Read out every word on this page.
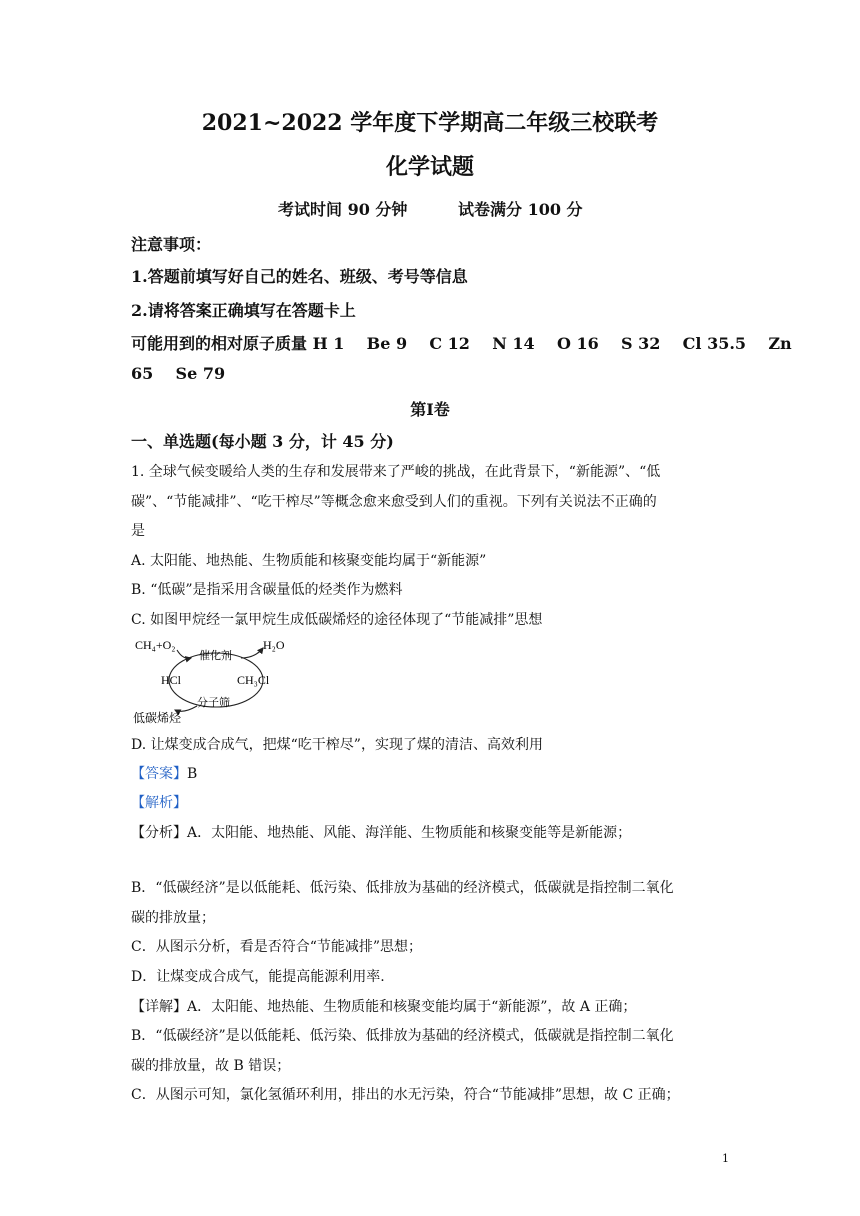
2021~2022 学年度下学期高二年级三校联考
化学试题
考试时间 90 分钟	试卷满分 100 分
注意事项：
1.答题前填写好自己的姓名、班级、考号等信息
2.请将答案正确填写在答题卡上
可能用到的相对原子质量 H 1    Be 9    C 12    N 14    O 16    S 32    Cl 35.5    Zn
65    Se 79
第Ⅰ卷
一、单选题(每小题 3 分，计 45 分)
1. 全球气候变暖给人类的生存和发展带来了严峻的挑战，在此背景下，“新能源”、“低
碳”、“节能减排”、“吃干榨尽”等概念愈来愈受到人们的重视。下列有关说法不正确的
是
A. 太阳能、地热能、生物质能和核聚变能均属于“新能源”
B. “低碳”是指采用含碳量低的烃类作为燃料
C. 如图甲烷经一氯甲烷生成低碳烯烃的途径体现了“节能减排”思想
CH₄+O₂
催化剂
H₂O
HCl	CH₃Cl
分子筛
低碳烯烃
D. 让煤变成合成气，把煤“吃干榨尽”，实现了煤的清洁、高效利用
【答案】B
【解析】
【分析】A．太阳能、地热能、风能、海洋能、生物质能和核聚变能等是新能源；
B．“低碳经济”是以低能耗、低污染、低排放为基础的经济模式，低碳就是指控制二氧化
碳的排放量；
C．从图示分析，看是否符合“节能减排”思想；
D．让煤变成合成气，能提高能源利用率.
【详解】A．太阳能、地热能、生物质能和核聚变能均属于“新能源”，故 A 正确；
B．“低碳经济”是以低能耗、低污染、低排放为基础的经济模式，低碳就是指控制二氧化
碳的排放量，故 B 错误；
C．从图示可知，氯化氢循环利用，排出的水无污染，符合“节能减排”思想，故 C 正确；
1
